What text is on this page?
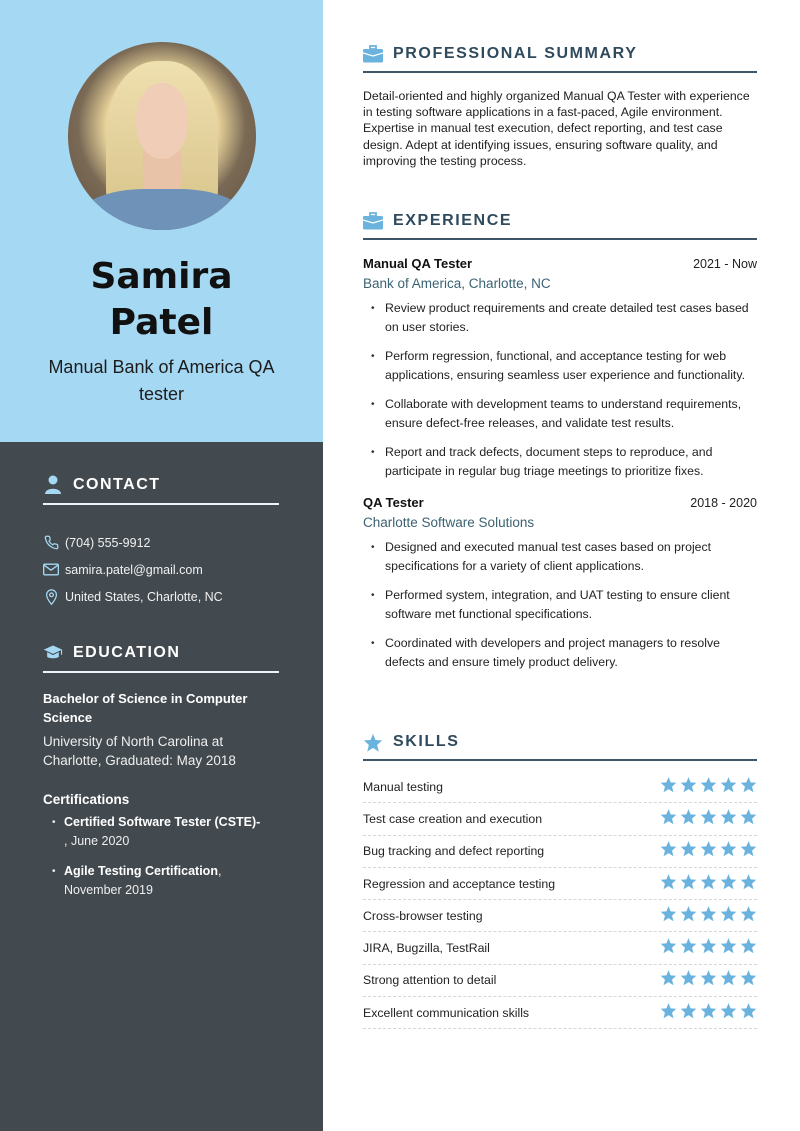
Samira
Patel
Manual Bank of America QA tester
CONTACT
(704) 555-9912
samira.patel@gmail.com
United States, Charlotte, NC
EDUCATION
Bachelor of Science in Computer Science
University of North Carolina at Charlotte, Graduated: May 2018
Certifications
• Certified Software Tester (CSTE)-
, June 2020
• Agile Testing Certification, November 2019
PROFESSIONAL SUMMARY

Detail-oriented and highly organized Manual QA Tester with experience in testing software applications in a fast-paced, Agile environment. Expertise in manual test execution, defect reporting, and test case design. Adept at identifying issues, ensuring software quality, and improving the testing process.

EXPERIENCE
Manual QA Tester	2021 - Now
Bank of America, Charlotte, NC
• Review product requirements and create detailed test cases based on user stories.
• Perform regression, functional, and acceptance testing for web applications, ensuring seamless user experience and functionality.
• Collaborate with development teams to understand requirements, ensure defect-free releases, and validate test results.
• Report and track defects, document steps to reproduce, and participate in regular bug triage meetings to prioritize fixes.
QA Tester	2018 - 2020
Charlotte Software Solutions
• Designed and executed manual test cases based on project specifications for a variety of client applications.
• Performed system, integration, and UAT testing to ensure client software met functional specifications.
• Coordinated with developers and project managers to resolve defects and ensure timely product delivery.
SKILLS
Manual testing
Test case creation and execution
Bug tracking and defect reporting
Regression and acceptance testing
Cross-browser testing
JIRA, Bugzilla, TestRail
Strong attention to detail
Excellent communication skills
